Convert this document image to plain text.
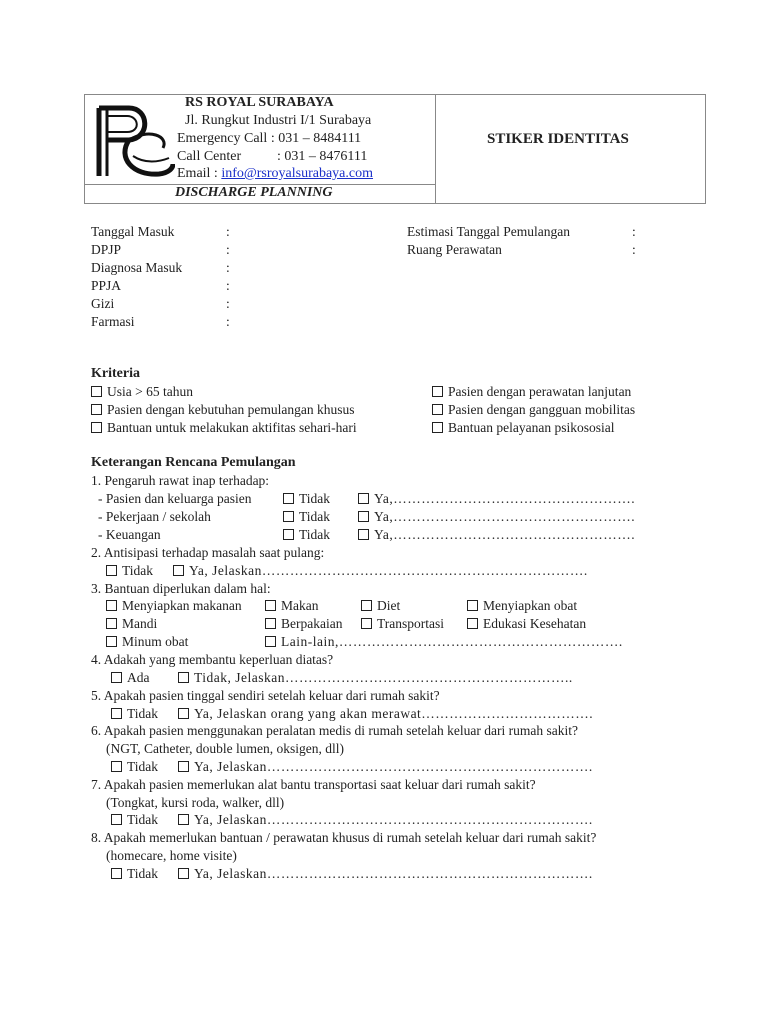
RS ROYAL SURABAYA
Jl. Rungkut Industri I/1 Surabaya
Emergency Call : 031 – 8484111
Call Center	: 031 – 8476111
Email : info@rsroyalsurabaya.com
DISCHARGE PLANNING
STIKER IDENTITAS
Tanggal Masuk	:
DPJP	:
Diagnosa Masuk	:
PPJA	:
Gizi	:
Farmasi	:
Estimasi Tanggal Pemulangan	:
Ruang Perawatan	:
Kriteria
Usia > 65 tahun
Pasien dengan kebutuhan pemulangan khusus
Bantuan untuk melakukan aktifitas sehari-hari
Pasien dengan perawatan lanjutan
Pasien dengan gangguan mobilitas
Bantuan pelayanan psikososial
Keterangan Rencana Pemulangan
1. Pengaruh rawat inap terhadap:
- Pasien dan keluarga pasien	Tidak	Ya,…………………………………………….
- Pekerjaan / sekolah	Tidak	Ya,…………………………………………….
- Keuangan	Tidak	Ya,…………………………………………….
2. Antisipasi terhadap masalah saat pulang:
Tidak	Ya, Jelaskan…………………………………………………………….
3. Bantuan diperlukan dalam hal:
Menyiapkan makanan	Makan	Diet	Menyiapkan obat
Mandi	Berpakaian	Transportasi	Edukasi Kesehatan
Minum obat	Lain-lain,…………………………………………………….
4. Adakah yang membantu keperluan diatas?
Ada	Tidak, Jelaskan……………………………………………………..
5. Apakah pasien tinggal sendiri setelah keluar dari rumah sakit?
Tidak	Ya, Jelaskan orang yang akan merawat……………………………….
6. Apakah pasien menggunakan peralatan medis di rumah setelah keluar dari rumah sakit?
(NGT, Catheter, double lumen, oksigen, dll)
Tidak	Ya, Jelaskan…………………………………………………………….
7. Apakah pasien memerlukan alat bantu transportasi saat keluar dari rumah sakit?
(Tongkat, kursi roda, walker, dll)
Tidak	Ya, Jelaskan…………………………………………………………….
8. Apakah memerlukan bantuan / perawatan khusus di rumah setelah keluar dari rumah sakit?
(homecare, home visite)
Tidak	Ya, Jelaskan…………………………………………………………….
